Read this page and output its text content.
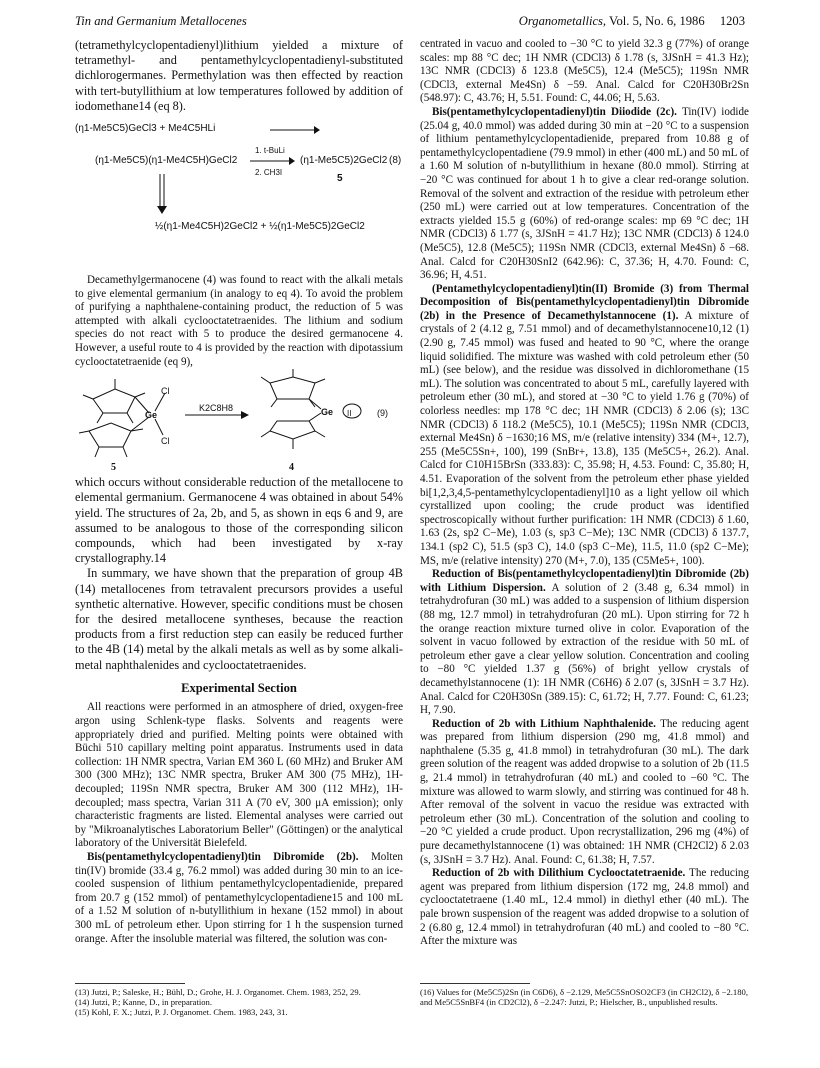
Tin and Germanium Metallocenes	Organometallics, Vol. 5, No. 6, 1986 1203

(tetramethylcyclopentadienyl)lithium yielded a mixture of tetramethyl- and pentamethylcyclopentadienyl-substituted dichlorogermanes. Permethylation was then effected by reaction with tert-butyllithium at low temperatures followed by addition of iodomethane14 (eq 8).

(η1-Me5C5)GeCl3 + Me4C5HLi
(η1-Me5C5)(η1-Me4C5H)GeCl2
1. t-BuLi
2. CH3I
(η1-Me5C5)2GeCl2 (8)
5
½(η1-Me4C5H)2GeCl2 + ½(η1-Me5C5)2GeCl2

Decamethylgermanocene (4) was found to react with the alkali metals to give elemental germanium (in analogy to eq 4). To avoid the problem of purifying a naphthalene-containing product, the reduction of 5 was attempted with alkali cyclooctatetraenides. The lithium and sodium species do not react with 5 to produce the desired germanocene 4. However, a useful route to 4 is provided by the reaction with dipotassium cyclooctatetraenide (eq 9),

Ge
Cl
Cl
K2C8H8	Ge II	(9)
5	4

which occurs without considerable reduction of the metallocene to elemental germanium. Germanocene 4 was obtained in about 54% yield. The structures of 2a, 2b, and 5, as shown in eqs 6 and 9, are assumed to be analogous to those of the corresponding silicon compounds, which had been investigated by x-ray crystallography.14

In summary, we have shown that the preparation of group 4B (14) metallocenes from tetravalent precursors provides a useful synthetic alternative. However, specific conditions must be chosen for the desired metallocene syntheses, because the reaction products from a first reduction step can easily be reduced further to the 4B (14) metal by the alkali metals as well as by some alkali-metal naphthalenides and cyclooctatetraenides.

Experimental Section

All reactions were performed in an atmosphere of dried, oxygen-free argon using Schlenk-type flasks. Solvents and reagents were appropriately dried and purified. Melting points were obtained with Büchi 510 capillary melting point apparatus. Instruments used in data collection: 1H NMR spectra, Varian EM 360 L (60 MHz) and Bruker AM 300 (300 MHz); 13C NMR spectra, Bruker AM 300 (75 MHz), 1H-decoupled; 119Sn NMR spectra, Bruker AM 300 (112 MHz), 1H-decoupled; mass spectra, Varian 311 A (70 eV, 300 μA emission); only characteristic fragments are listed. Elemental analyses were carried out by "Mikroanalytisches Laboratorium Beller" (Göttingen) or the analytical laboratory of the Universität Bielefeld.

Bis(pentamethylcyclopentadienyl)tin Dibromide (2b). Molten tin(IV) bromide (33.4 g, 76.2 mmol) was added during 30 min to an ice-cooled suspension of lithium pentamethylcyclopentadienide, prepared from 20.7 g (152 mmol) of pentamethylcyclopentadiene15 and 100 mL of a 1.52 M solution of n-butyllithium in hexane (152 mmol) in about 300 mL of petroleum ether. Upon stirring for 1 h the suspension turned orange. After the insoluble material was filtered, the solution was con-

centrated in vacuo and cooled to −30 °C to yield 32.3 g (77%) of orange scales: mp 88 °C dec; 1H NMR (CDCl3) δ 1.78 (s, 3JSnH = 41.3 Hz); 13C NMR (CDCl3) δ 123.8 (Me5C5), 12.4 (Me5C5); 119Sn NMR (CDCl3, external Me4Sn) δ −59. Anal. Calcd for C20H30Br2Sn (548.97): C, 43.76; H, 5.51. Found: C, 44.06; H, 5.63.

Bis(pentamethylcyclopentadienyl)tin Diiodide (2c). Tin(IV) iodide (25.04 g, 40.0 mmol) was added during 30 min at −20 °C to a suspension of lithium pentamethylcyclopentadienide, prepared from 10.88 g of pentamethylcyclopentadiene (79.9 mmol) in ether (400 mL) and 50 mL of a 1.60 M solution of n-butyllithium in hexane (80.0 mmol). Stirring at −20 °C was continued for about 1 h to give a clear red-orange solution. Removal of the solvent and extraction of the residue with petroleum ether (250 mL) were carried out at low temperatures. Concentration of the extracts yielded 15.5 g (60%) of red-orange scales: mp 69 °C dec; 1H NMR (CDCl3) δ 1.77 (s, 3JSnH = 41.7 Hz); 13C NMR (CDCl3) δ 124.0 (Me5C5), 12.8 (Me5C5); 119Sn NMR (CDCl3, external Me4Sn) δ −68. Anal. Calcd for C20H30SnI2 (642.96): C, 37.36; H, 4.70. Found: C, 36.96; H, 4.51.

(Pentamethylcyclopentadienyl)tin(II) Bromide (3) from Thermal Decomposition of Bis(pentamethylcyclopentadienyl)tin Dibromide (2b) in the Presence of Decamethylstannocene (1). A mixture of crystals of 2 (4.12 g, 7.51 mmol) and of decamethylstannocene10,12 (1) (2.90 g, 7.45 mmol) was fused and heated to 90 °C, where the orange liquid solidified. The mixture was washed with cold petroleum ether (50 mL) (see below), and the residue was dissolved in dichloromethane (15 mL). The solution was concentrated to about 5 mL, carefully layered with petroleum ether (30 mL), and stored at −30 °C to yield 1.76 g (70%) of colorless needles: mp 178 °C dec; 1H NMR (CDCl3) δ 2.06 (s); 13C NMR (CDCl3) δ 118.2 (Me5C5), 10.1 (Me5C5); 119Sn NMR (CDCl3, external Me4Sn) δ −1630;16 MS, m/e (relative intensity) 334 (M+, 12.7), 255 (Me5C5Sn+, 100), 199 (SnBr+, 13.8), 135 (Me5C5+, 26.2). Anal. Calcd for C10H15BrSn (333.83): C, 35.98; H, 4.53. Found: C, 35.80; H, 4.51. Evaporation of the solvent from the petroleum ether phase yielded bi[1,2,3,4,5-pentamethylcyclopentadienyl]10 as a light yellow oil which cyrstallized upon cooling; the crude product was identified spectroscopically without further purification: 1H NMR (CDCl3) δ 1.60, 1.63 (2s, sp2 C−Me), 1.03 (s, sp3 C−Me); 13C NMR (CDCl3) δ 137.7, 134.1 (sp2 C), 51.5 (sp3 C), 14.0 (sp3 C−Me), 11.5, 11.0 (sp2 C−Me); MS, m/e (relative intensity) 270 (M+, 7.0), 135 (C5Me5+, 100).

Reduction of Bis(pentamethylcyclopentadienyl)tin Dibromide (2b) with Lithium Dispersion. A solution of 2 (3.48 g, 6.34 mmol) in tetrahydrofuran (30 mL) was added to a suspension of lithium dispersion (88 mg, 12.7 mmol) in tetrahydrofuran (20 mL). Upon stirring for 72 h the orange reaction mixture turned olive in color. Evaporation of the solvent in vacuo followed by extraction of the residue with 50 mL of petroleum ether gave a clear yellow solution. Concentration and cooling to −80 °C yielded 1.37 g (56%) of bright yellow crystals of decamethylstannocene (1): 1H NMR (C6H6) δ 2.07 (s, 3JSnH = 3.7 Hz). Anal. Calcd for C20H30Sn (389.15): C, 61.72; H, 7.77. Found: C, 61.23; H, 7.90.

Reduction of 2b with Lithium Naphthalenide. The reducing agent was prepared from lithium dispersion (290 mg, 41.8 mmol) and naphthalene (5.35 g, 41.8 mmol) in tetrahydrofuran (30 mL). The dark green solution of the reagent was added dropwise to a solution of 2b (11.5 g, 21.4 mmol) in tetrahydrofuran (40 mL) and cooled to −60 °C. The mixture was allowed to warm slowly, and stirring was continued for 48 h. After removal of the solvent in vacuo the residue was extracted with petroleum ether (30 mL). Concentration of the solution and cooling to −20 °C yielded a crude product. Upon recrystallization, 296 mg (4%) of pure decamethylstannocene (1) was obtained: 1H NMR (CH2Cl2) δ 2.03 (s, 3JSnH = 3.7 Hz). Anal. Found: C, 61.38; H, 7.57.

Reduction of 2b with Dilithium Cyclooctatetraenide. The reducing agent was prepared from lithium dispersion (172 mg, 24.8 mmol) and cyclooctatetraene (1.40 mL, 12.4 mmol) in diethyl ether (40 mL). The pale brown suspension of the reagent was added dropwise to a solution of 2 (6.80 g, 12.4 mmol) in tetrahydrofuran (40 mL) and cooled to −80 °C. After the mixture was

(13) Jutzi, P.; Saleske, H.; Bühl, D.; Grohe, H. J. Organomet. Chem. 1983, 252, 29.
(14) Jutzi, P.; Kanne, D., in preparation.
(15) Kohl, F. X.; Jutzi, P. J. Organomet. Chem. 1983, 243, 31.
(16) Values for (Me5C5)2Sn (in C6D6), δ −2.129, Me5C5SnOSO2CF3 (in CH2Cl2), δ −2.180, and Me5C5SnBF4 (in CD2Cl2), δ −2.247: Jutzi, P.; Hielscher, B., unpublished results.
